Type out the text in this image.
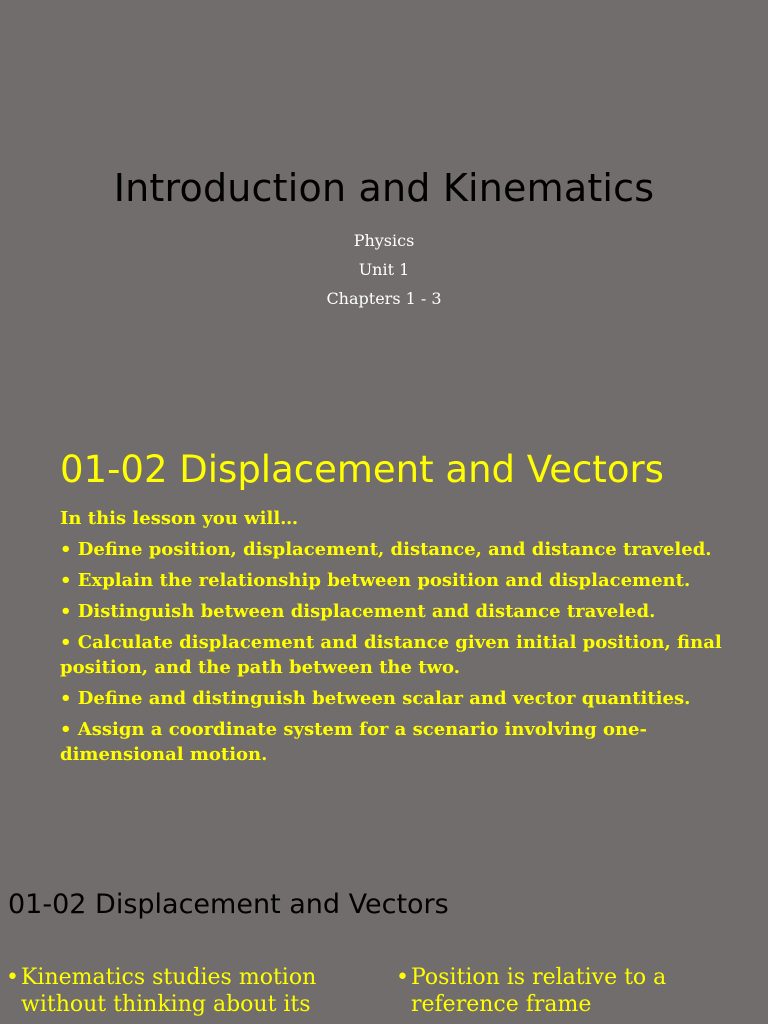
Introduction and Kinematics
Physics
Unit 1
Chapters 1 - 3
01-02 Displacement and Vectors
In this lesson you will…
• Define position, displacement, distance, and distance traveled.
• Explain the relationship between position and displacement.
• Distinguish between displacement and distance traveled.
• Calculate displacement and distance given initial position, final position, and the path between the two.
• Define and distinguish between scalar and vector quantities.
• Assign a coordinate system for a scenario involving one-dimensional motion.
01-02 Displacement and Vectors
• Kinematics studies motion without thinking about its
• Position is relative to a reference frame
